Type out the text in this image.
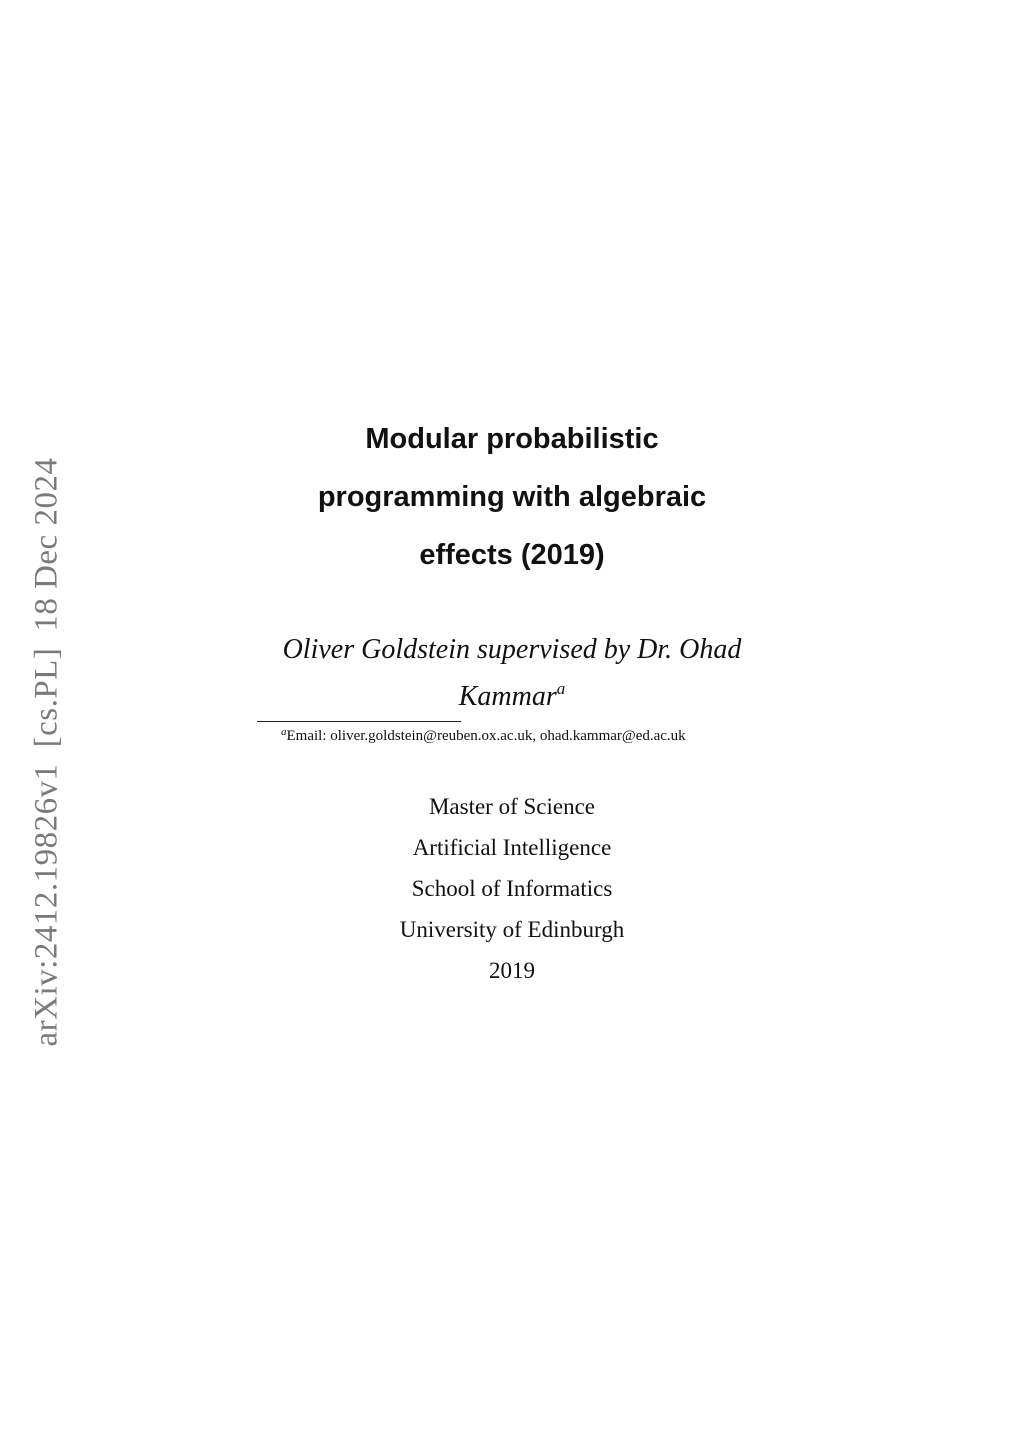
arXiv:2412.19826v1[cs.PL]18 Dec 2024
Modular probabilistic
programming with algebraic
effects (2019)
Oliver Goldstein supervised by Dr. Ohad
Kammar$^a$
$^a$Email: oliver.goldstein@reuben.ox.ac.uk, ohad.kammar@ed.ac.uk
Master of Science
Artificial Intelligence
School of Informatics
University of Edinburgh
2019
